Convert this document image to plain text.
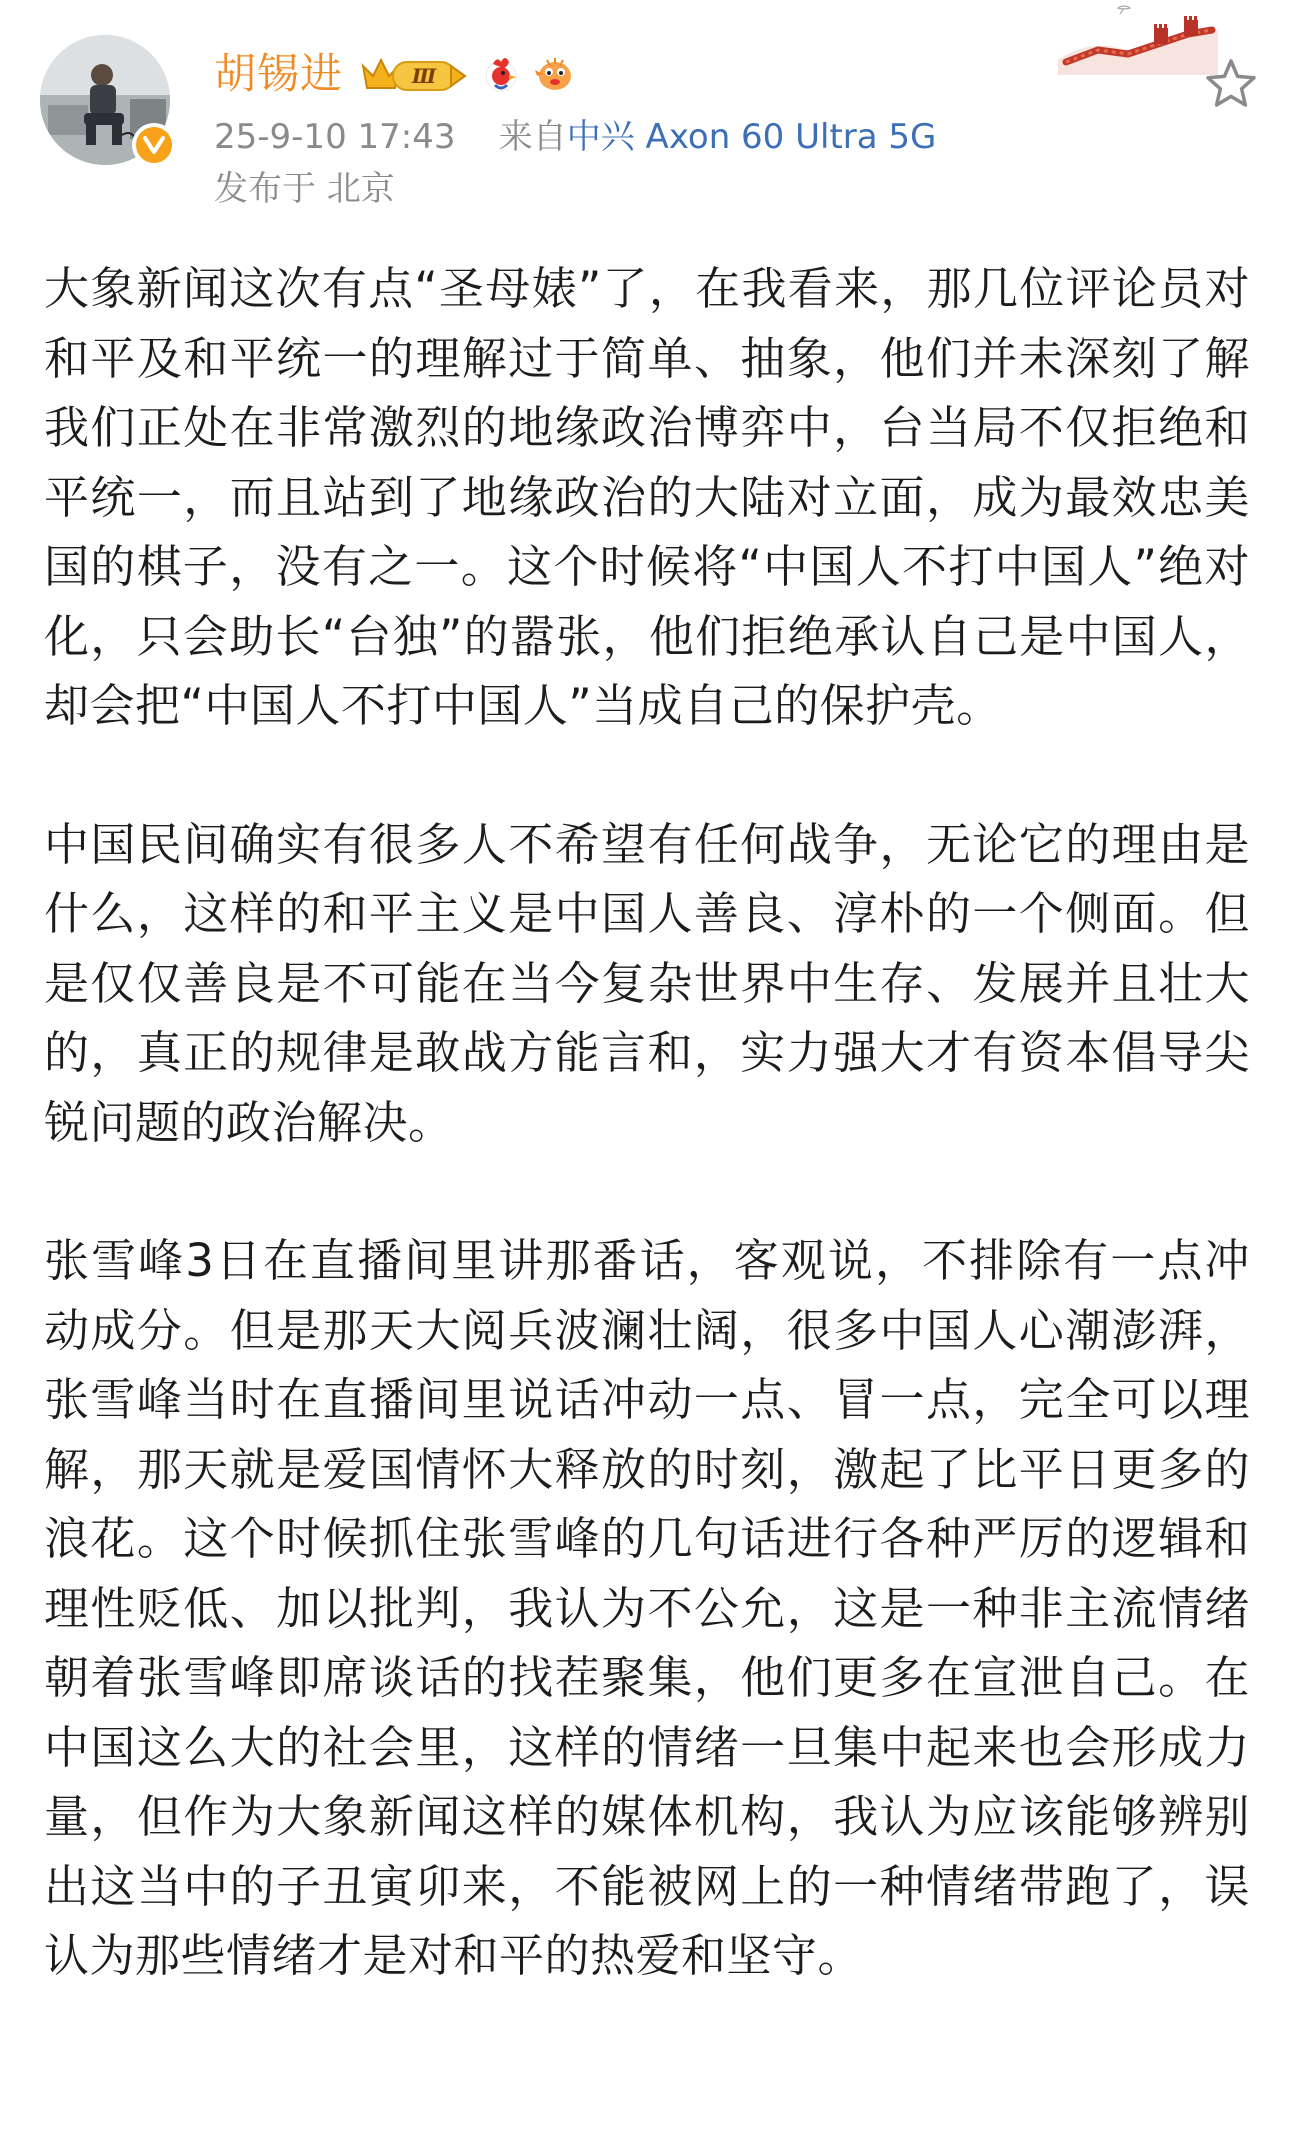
胡锡进	Ⅲ
25-9-10 17:43 来自中兴 Axon 60 Ultra 5G
发布于 北京

大象新闻这次有点“圣母婊”了，在我看来，那几位评论员对和平及和平统一的理解过于简单、抽象，他们并未深刻了解我们正处在非常激烈的地缘政治博弈中，台当局不仅拒绝和平统一，而且站到了地缘政治的大陆对立面，成为最效忠美国的棋子，没有之一。这个时候将“中国人不打中国人”绝对化，只会助长“台独”的嚣张，他们拒绝承认自己是中国人，却会把“中国人不打中国人”当成自己的保护壳。

中国民间确实有很多人不希望有任何战争，无论它的理由是什么，这样的和平主义是中国人善良、淳朴的一个侧面。但是仅仅善良是不可能在当今复杂世界中生存、发展并且壮大的，真正的规律是敢战方能言和，实力强大才有资本倡导尖锐问题的政治解决。

张雪峰3日在直播间里讲那番话，客观说，不排除有一点冲动成分。但是那天大阅兵波澜壮阔，很多中国人心潮澎湃，张雪峰当时在直播间里说话冲动一点、冒一点，完全可以理解，那天就是爱国情怀大释放的时刻，激起了比平日更多的浪花。这个时候抓住张雪峰的几句话进行各种严厉的逻辑和理性贬低、加以批判，我认为不公允，这是一种非主流情绪朝着张雪峰即席谈话的找茬聚集，他们更多在宣泄自己。在中国这么大的社会里，这样的情绪一旦集中起来也会形成力量，但作为大象新闻这样的媒体机构，我认为应该能够辨别出这当中的子丑寅卯来，不能被网上的一种情绪带跑了，误认为那些情绪才是对和平的热爱和坚守。
